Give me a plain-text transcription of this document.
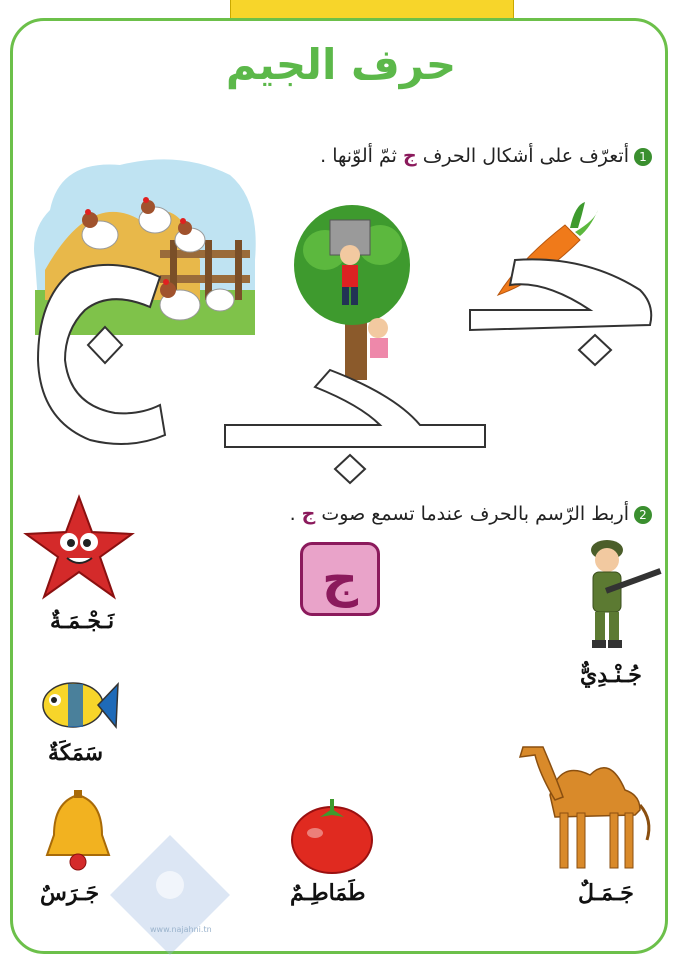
حرف الجيم
1أتعرّف على أشكال الحرف ج ثمّ ألوّنها .
2أربط الرّسم بالحرف عندما تسمع صوت ج .
ج
نَـجْـمَـةٌ
سَمَكَةٌ
جَـرَسٌ	طَمَاطِـمٌ	جَـمَـلٌ
جُـنْـدِيٌّ
www.najahni.tn
